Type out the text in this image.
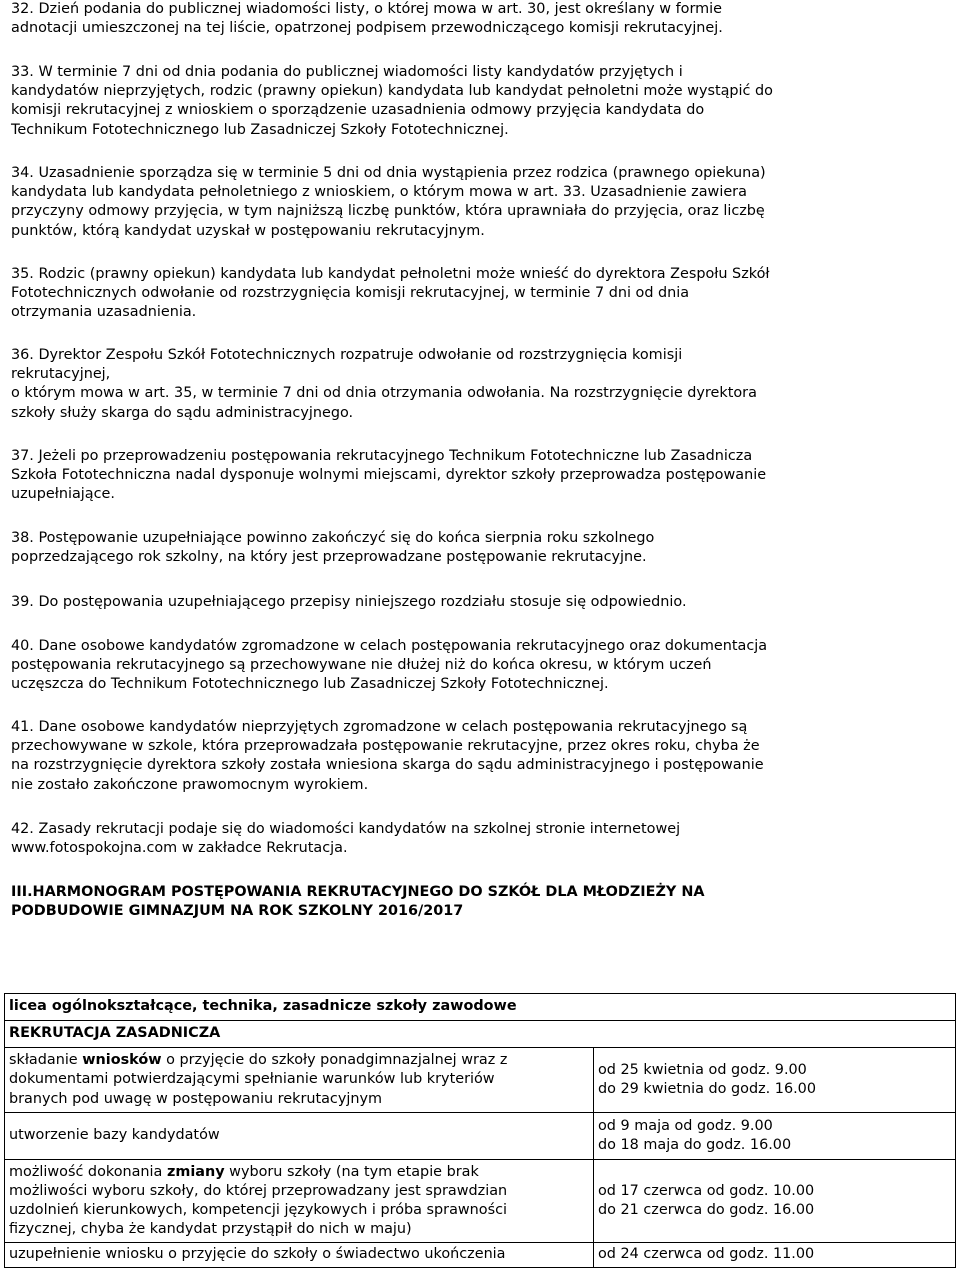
32. Dzień podania do publicznej wiadomości listy, o której mowa w art. 30, jest określany w formie
adnotacji umieszczonej na tej liście, opatrzonej podpisem przewodniczącego komisji rekrutacyjnej.
33. W terminie 7 dni od dnia podania do publicznej wiadomości listy kandydatów przyjętych i
kandydatów nieprzyjętych, rodzic (prawny opiekun) kandydata lub kandydat pełnoletni może wystąpić do
komisji rekrutacyjnej z wnioskiem o sporządzenie uzasadnienia odmowy przyjęcia kandydata do
Technikum Fototechnicznego lub Zasadniczej Szkoły Fototechnicznej.
34. Uzasadnienie sporządza się w terminie 5 dni od dnia wystąpienia przez rodzica (prawnego opiekuna)
kandydata lub kandydata pełnoletniego z wnioskiem, o którym mowa w art. 33. Uzasadnienie zawiera
przyczyny odmowy przyjęcia, w tym najniższą liczbę punktów, która uprawniała do przyjęcia, oraz liczbę
punktów, którą kandydat uzyskał w postępowaniu rekrutacyjnym.
35. Rodzic (prawny opiekun) kandydata lub kandydat pełnoletni może wnieść do dyrektora Zespołu Szkół
Fototechnicznych odwołanie od rozstrzygnięcia komisji rekrutacyjnej, w terminie 7 dni od dnia
otrzymania uzasadnienia.
36. Dyrektor Zespołu Szkół Fototechnicznych rozpatruje odwołanie od rozstrzygnięcia komisji
rekrutacyjnej,
o którym mowa w art. 35, w terminie 7 dni od dnia otrzymania odwołania. Na rozstrzygnięcie dyrektora
szkoły służy skarga do sądu administracyjnego.
37. Jeżeli po przeprowadzeniu postępowania rekrutacyjnego Technikum Fototechniczne lub Zasadnicza
Szkoła Fototechniczna nadal dysponuje wolnymi miejscami, dyrektor szkoły przeprowadza postępowanie
uzupełniające.
38. Postępowanie uzupełniające powinno zakończyć się do końca sierpnia roku szkolnego
poprzedzającego rok szkolny, na który jest przeprowadzane postępowanie rekrutacyjne.
39. Do postępowania uzupełniającego przepisy niniejszego rozdziału stosuje się odpowiednio.
40. Dane osobowe kandydatów zgromadzone w celach postępowania rekrutacyjnego oraz dokumentacja
postępowania rekrutacyjnego są przechowywane nie dłużej niż do końca okresu, w którym uczeń
uczęszcza do Technikum Fototechnicznego lub Zasadniczej Szkoły Fototechnicznej.
41. Dane osobowe kandydatów nieprzyjętych zgromadzone w celach postępowania rekrutacyjnego są
przechowywane w szkole, która przeprowadzała postępowanie rekrutacyjne, przez okres roku, chyba że
na rozstrzygnięcie dyrektora szkoły została wniesiona skarga do sądu administracyjnego i postępowanie
nie zostało zakończone prawomocnym wyrokiem.
42. Zasady rekrutacji podaje się do wiadomości kandydatów na szkolnej stronie internetowej
www.fotospokojna.com w zakładce Rekrutacja.
III.HARMONOGRAM POSTĘPOWANIA REKRUTACYJNEGO DO SZKÓŁ DLA MŁODZIEŻY NA
PODBUDOWIE GIMNAZJUM NA ROK SZKOLNY 2016/2017
licea ogólnokształcące, technika, zasadnicze szkoły zawodowe	
REKRUTACJA ZASADNICZA	

składanie wniosków o przyjęcie do szkoły ponadgimnazjalnej wraz z
dokumentami potwierdzającymi spełnianie warunków lub kryteriów
branych pod uwagę w postępowaniu rekrutacyjnym	od 25 kwietnia od godz. 9.00
do 29 kwietnia do godz. 16.00

utworzenie bazy kandydatów	od 9 maja od godz. 9.00
do 18 maja do godz. 16.00

możliwość dokonania zmiany wyboru szkoły (na tym etapie brak
możliwości wyboru szkoły, do której przeprowadzany jest sprawdzian
uzdolnień kierunkowych, kompetencji językowych i próba sprawności
fizycznej, chyba że kandydat przystąpił do nich w maju)	od 17 czerwca od godz. 10.00
do 21 czerwca do godz. 16.00

uzupełnienie wniosku o przyjęcie do szkoły o świadectwo ukończenia	od 24 czerwca od godz. 11.00
